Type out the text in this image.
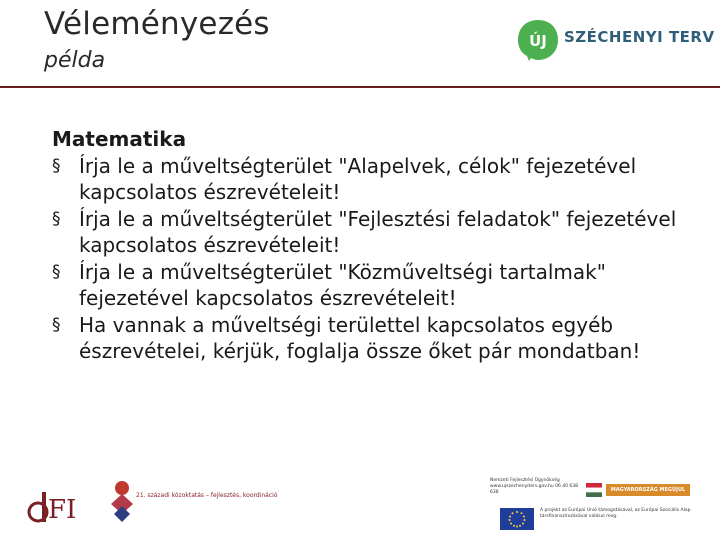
Véleményezés
példa
ÚJ SZÉCHENYI TERV
Matematika
§ Írja le a műveltségterület "Alapelvek, célok" fejezetével kapcsolatos észrevételeit!
§ Írja le a műveltségterület "Fejlesztési feladatok" fejezetével kapcsolatos észrevételeit!
§ Írja le a műveltségterület "Közműveltségi tartalmak" fejezetével kapcsolatos észrevételeit!
§ Ha vannak a műveltségi területtel kapcsolatos egyéb észrevételei, kérjük, foglalja össze őket pár mondatban!
FI	21. századi közoktatás – fejlesztés, koordináció
Nemzeti Fejlesztési Ügynökség www.ujszechenyiterv.gov.hu 06 40 638 638	MAGYARORSZÁG MEGÚJUL
A projekt az Európai Unió támogatásával, az Európai Szociális Alap társfinanszírozásával valósul meg.
